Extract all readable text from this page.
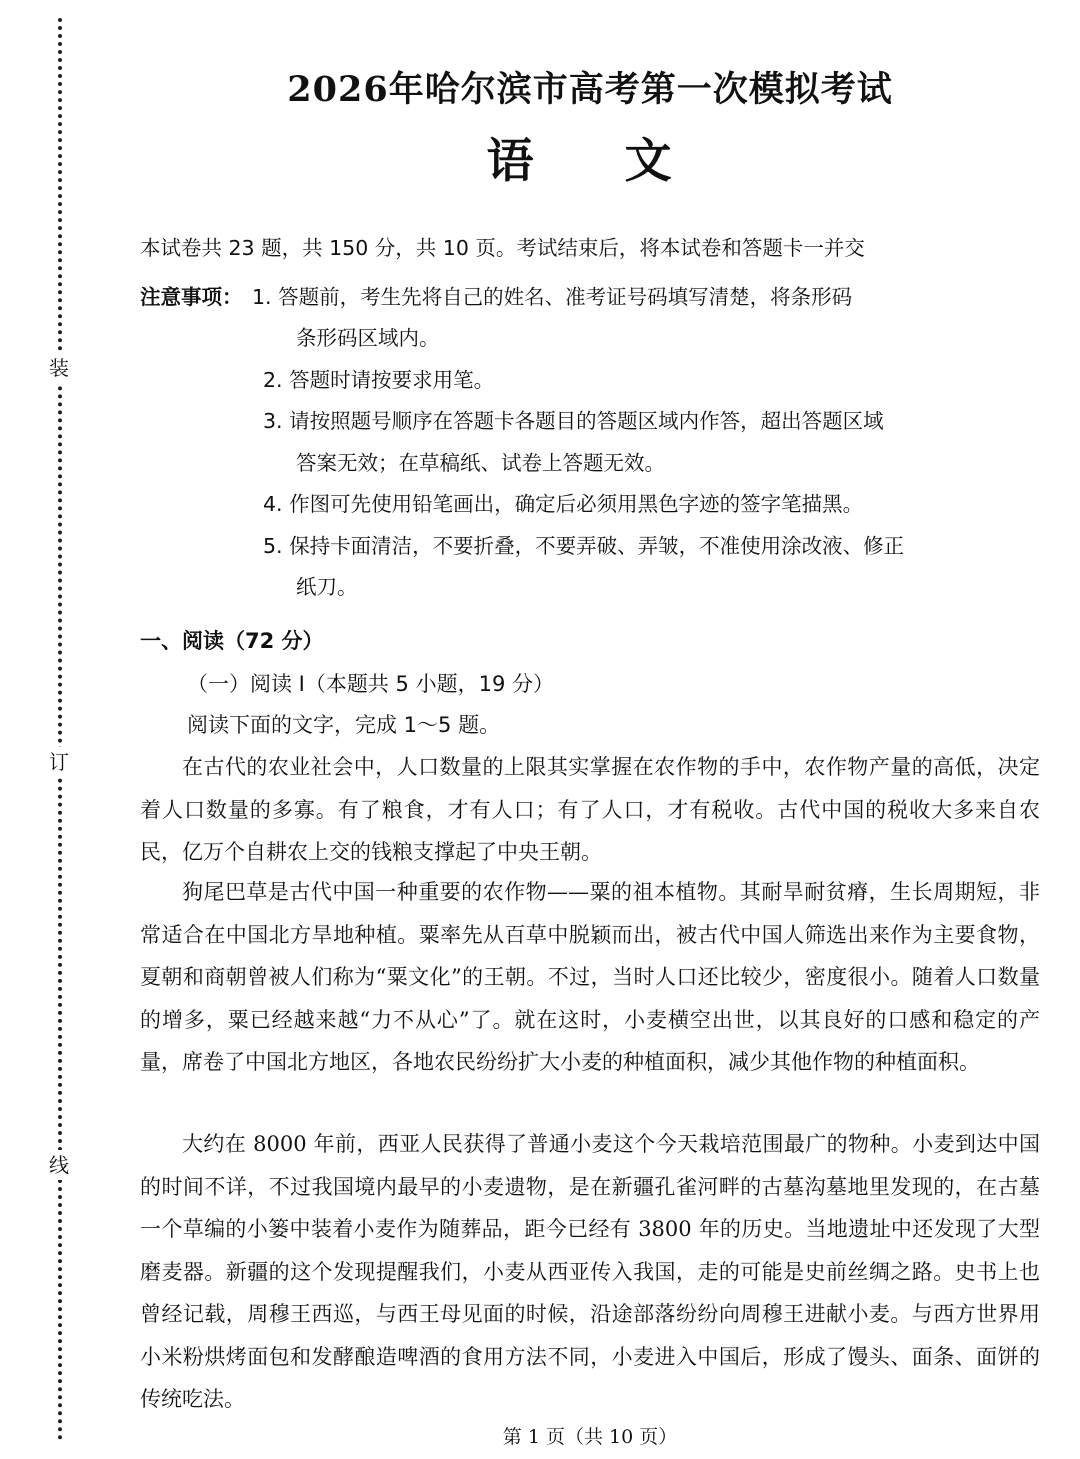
装
订
线
2026年哈尔滨市高考第一次模拟考试
语　文
本试卷共 23 题，共 150 分，共 10 页。考试结束后，将本试卷和答题卡一并交
注意事项： 1. 答题前，考生先将自己的姓名、准考证号码填写清楚，将条形码
条形码区域内。
2. 答题时请按要求用笔。
3. 请按照题号顺序在答题卡各题目的答题区域内作答，超出答题区域
答案无效；在草稿纸、试卷上答题无效。
4. 作图可先使用铅笔画出，确定后必须用黑色字迹的签字笔描黑。
5. 保持卡面清洁，不要折叠，不要弄破、弄皱，不准使用涂改液、修正
纸刀。
一、阅读（72 分）
（一）阅读 I（本题共 5 小题，19 分）
阅读下面的文字，完成 1～5 题。

在古代的农业社会中，人口数量的上限其实掌握在农作物的手中，农作物产量的高低，决定着人口数量的多寡。有了粮食，才有人口；有了人口，才有税收。古代中国的税收大多来自农民，亿万个自耕农上交的钱粮支撑起了中央王朝。

狗尾巴草是古代中国一种重要的农作物——粟的祖本植物。其耐旱耐贫瘠，生长周期短，非常适合在中国北方旱地种植。粟率先从百草中脱颖而出，被古代中国人筛选出来作为主要食物，夏朝和商朝曾被人们称为“粟文化”的王朝。不过，当时人口还比较少，密度很小。随着人口数量的增多，粟已经越来越“力不从心”了。就在这时，小麦横空出世，以其良好的口感和稳定的产量，席卷了中国北方地区，各地农民纷纷扩大小麦的种植面积，减少其他作物的种植面积。

大约在 8000 年前，西亚人民获得了普通小麦这个今天栽培范围最广的物种。小麦到达中国的时间不详，不过我国境内最早的小麦遗物，是在新疆孔雀河畔的古墓沟墓地里发现的，在古墓一个草编的小篓中装着小麦作为随葬品，距今已经有 3800 年的历史。当地遗址中还发现了大型磨麦器。新疆的这个发现提醒我们，小麦从西亚传入我国，走的可能是史前丝绸之路。史书上也曾经记载，周穆王西巡，与西王母见面的时候，沿途部落纷纷向周穆王进献小麦。与西方世界用小米粉烘烤面包和发酵酿造啤酒的食用方法不同，小麦进入中国后，形成了馒头、面条、面饼的传统吃法。

第 1 页（共 10 页）
